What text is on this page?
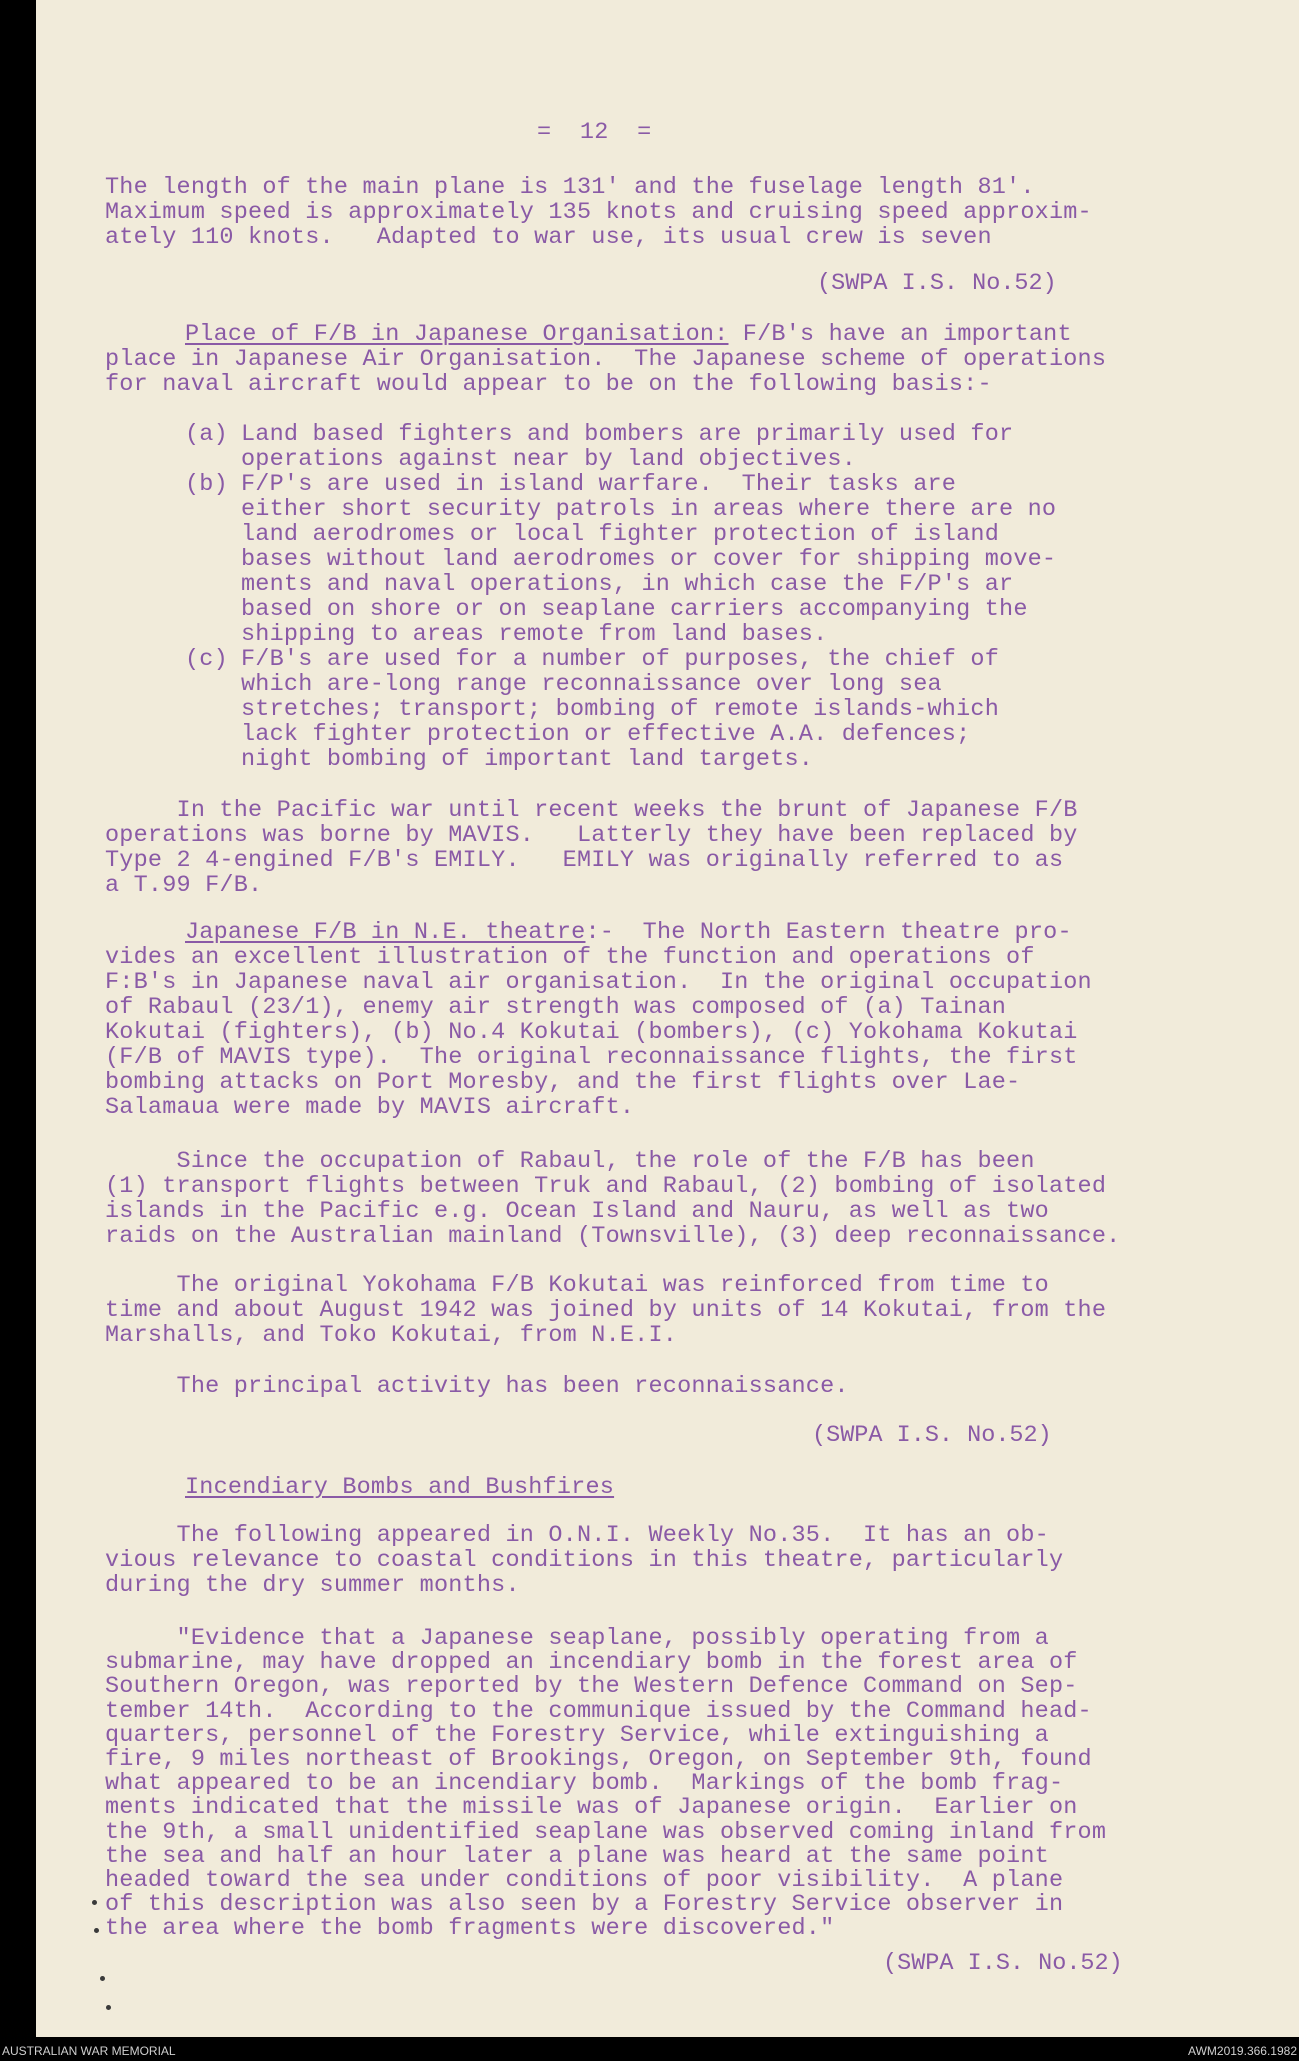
=  12  =
The length of the main plane is 131' and the fuselage length 81'.
Maximum speed is approximately 135 knots and cruising speed approxim-
ately 110 knots.   Adapted to war use, its usual crew is seven
(SWPA I.S. No.52)
Place of F/B in Japanese Organisation: F/B's have an important
place in Japanese Air Organisation.  The Japanese scheme of operations
for naval aircraft would appear to be on the following basis:-
(a) Land based fighters and bombers are primarily used for
operations against near by land objectives.
(b) F/P's are used in island warfare.  Their tasks are
either short security patrols in areas where there are no
land aerodromes or local fighter protection of island
bases without land aerodromes or cover for shipping move-
ments and naval operations, in which case the F/P's ar
based on shore or on seaplane carriers accompanying the
shipping to areas remote from land bases.
(c) F/B's are used for a number of purposes, the chief of
which are-long range reconnaissance over long sea
stretches; transport; bombing of remote islands-which
lack fighter protection or effective A.A. defences;
night bombing of important land targets.
In the Pacific war until recent weeks the brunt of Japanese F/B
operations was borne by MAVIS.   Latterly they have been replaced by
Type 2 4-engined F/B's EMILY.   EMILY was originally referred to as
a T.99 F/B.
Japanese F/B in N.E. theatre:-  The North Eastern theatre pro-
vides an excellent illustration of the function and operations of
F:B's in Japanese naval air organisation.  In the original occupation
of Rabaul (23/1), enemy air strength was composed of (a) Tainan
Kokutai (fighters), (b) No.4 Kokutai (bombers), (c) Yokohama Kokutai
(F/B of MAVIS type).  The original reconnaissance flights, the first
bombing attacks on Port Moresby, and the first flights over Lae-
Salamaua were made by MAVIS aircraft.
Since the occupation of Rabaul, the role of the F/B has been
(1) transport flights between Truk and Rabaul, (2) bombing of isolated
islands in the Pacific e.g. Ocean Island and Nauru, as well as two
raids on the Australian mainland (Townsville), (3) deep reconnaissance.
The original Yokohama F/B Kokutai was reinforced from time to
time and about August 1942 was joined by units of 14 Kokutai, from the
Marshalls, and Toko Kokutai, from N.E.I.
The principal activity has been reconnaissance.
(SWPA I.S. No.52)
Incendiary Bombs and Bushfires
The following appeared in O.N.I. Weekly No.35.  It has an ob-
vious relevance to coastal conditions in this theatre, particularly
during the dry summer months.
"Evidence that a Japanese seaplane, possibly operating from a
submarine, may have dropped an incendiary bomb in the forest area of
Southern Oregon, was reported by the Western Defence Command on Sep-
tember 14th.  According to the communique issued by the Command head-
quarters, personnel of the Forestry Service, while extinguishing a
fire, 9 miles northeast of Brookings, Oregon, on September 9th, found
what appeared to be an incendiary bomb.  Markings of the bomb frag-
ments indicated that the missile was of Japanese origin.  Earlier on
the 9th, a small unidentified seaplane was observed coming inland from
the sea and half an hour later a plane was heard at the same point
headed toward the sea under conditions of poor visibility.  A plane
of this description was also seen by a Forestry Service observer in
the area where the bomb fragments were discovered."
(SWPA I.S. No.52)
AUSTRALIAN WAR MEMORIAL	AWM2019.366.1982
